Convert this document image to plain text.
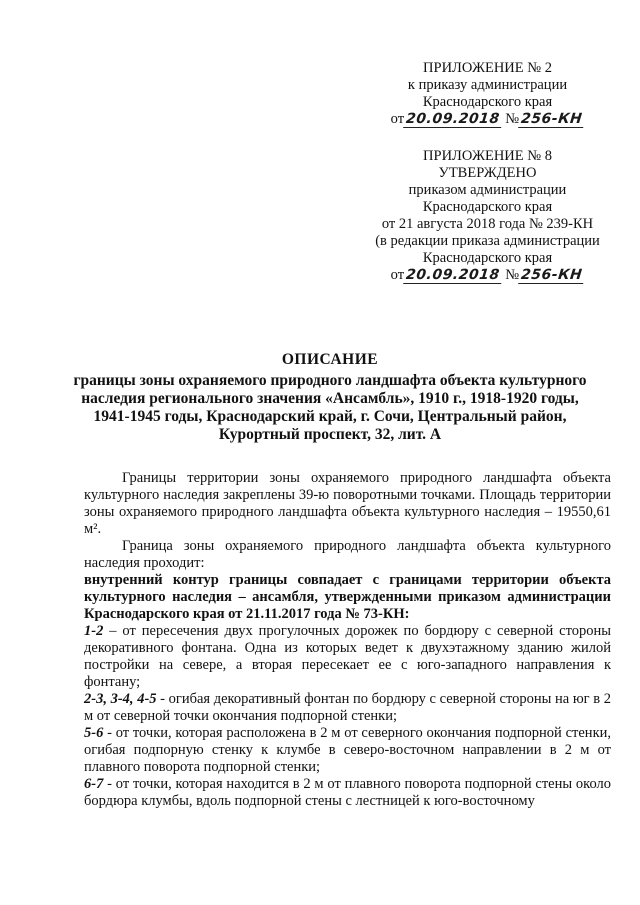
ПРИЛОЖЕНИЕ № 2
к приказу администрации
Краснодарского края
от20.09.2018 №256-КН
ПРИЛОЖЕНИЕ № 8
УТВЕРЖДЕНО
приказом администрации
Краснодарского края
от 21 августа 2018 года № 239-КН
(в редакции приказа администрации
Краснодарского края
от20.09.2018 №256-КН
ОПИСАНИЕ
границы зоны охраняемого природного ландшафта объекта культурного
наследия регионального значения «Ансамбль», 1910 г., 1918-1920 годы,
1941-1945 годы, Краснодарский край, г. Сочи, Центральный район,
Курортный проспект, 32, лит. А

Границы территории зоны охраняемого природного ландшафта объекта культурного наследия закреплены 39-ю поворотными точками. Площадь территории зоны охраняемого природного ландшафта объекта культурного наследия – 19550,61 м².

Граница зоны охраняемого природного ландшафта объекта культурного наследия проходит:

внутренний контур границы совпадает с границами территории объекта культурного наследия – ансамбля, утвержденными приказом администрации Краснодарского края от 21.11.2017 года № 73-КН:

1-2 – от пересечения двух прогулочных дорожек по бордюру с северной стороны декоративного фонтана. Одна из которых ведет к двухэтажному зданию жилой постройки на севере, а вторая пересекает ее с юго-западного направления к фонтану;

2-3, 3-4, 4-5 - огибая декоративный фонтан по бордюру с северной стороны на юг в 2 м от северной точки окончания подпорной стенки;

5-6 - от точки, которая расположена в 2 м от северного окончания подпорной стенки, огибая подпорную стенку к клумбе в северо-восточном направлении в 2 м от плавного поворота подпорной стенки;

6-7 - от точки, которая находится в 2 м от плавного поворота подпорной стены около бордюра клумбы, вдоль подпорной стены с лестницей к юго-восточному
